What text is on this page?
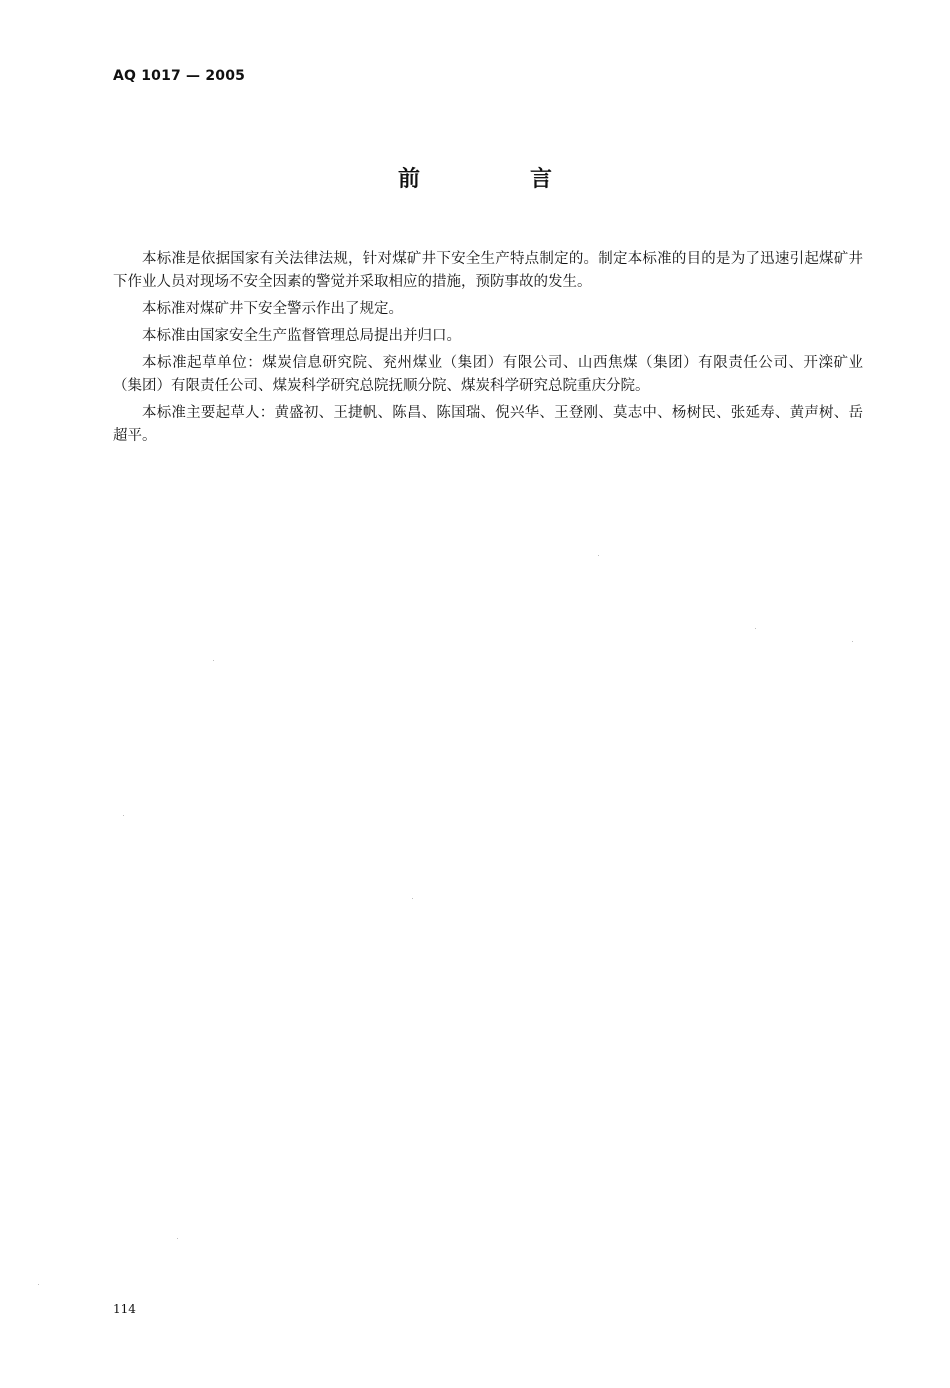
AQ 1017 — 2005
前　言

本标准是依据国家有关法律法规，针对煤矿井下安全生产特点制定的。制定本标准的目的是为了迅速引起煤矿井下作业人员对现场不安全因素的警觉并采取相应的措施，预防事故的发生。

本标准对煤矿井下安全警示作出了规定。

本标准由国家安全生产监督管理总局提出并归口。

本标准起草单位：煤炭信息研究院、兖州煤业（集团）有限公司、山西焦煤（集团）有限责任公司、开滦矿业（集团）有限责任公司、煤炭科学研究总院抚顺分院、煤炭科学研究总院重庆分院。

本标准主要起草人：黄盛初、王捷帆、陈昌、陈国瑞、倪兴华、王登刚、莫志中、杨树民、张延寿、黄声树、岳超平。

114
